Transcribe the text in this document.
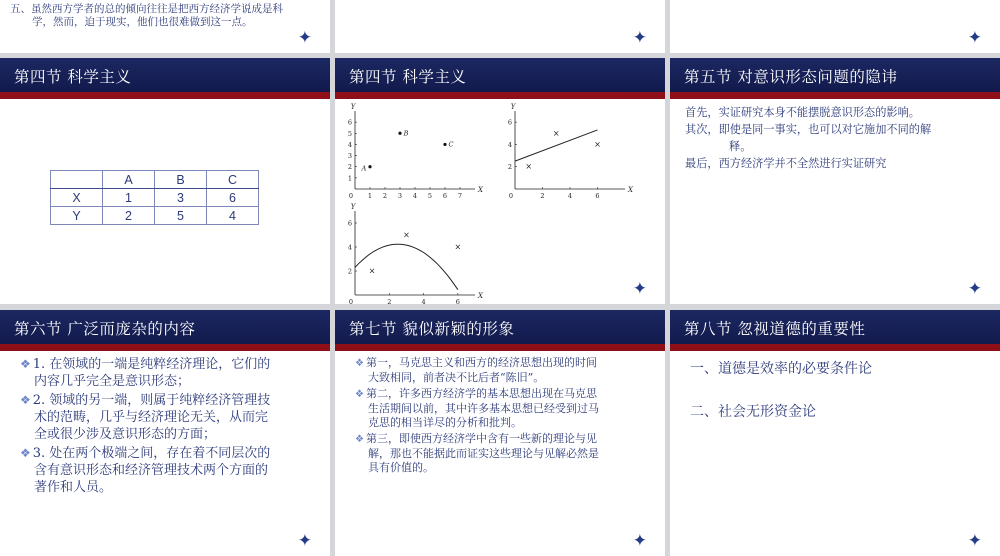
五、虽然西方学者的总的倾向往往是把西方经济学说成是科
学，然而，迫于现实，他们也很难做到这一点。
✦	✦	✦
第四节 科学主义
	A	B	C
X	1	3	6
Y	2	5	4
第四节 科学主义
1 2 3 4 5 6 7
1
2
3
4
5
6
0
X
Y
A
B
C
2	4	6
2
4
6
0
X
Y
×
×
×
2	4	6
2
4
6
0
X
Y
×
×
×
✦
第五节 对意识形态问题的隐讳
首先，实证研究本身不能摆脱意识形态的影响。
其次，即使是同一事实，也可以对它施加不同的解
释。
最后，西方经济学并不全然进行实证研究
✦
第六节 广泛而庞杂的内容
❖ 1. 在领域的一端是纯粹经济理论，它们的
内容几乎完全是意识形态；
❖ 2. 领域的另一端，则属于纯粹经济管理技
术的范畴，几乎与经济理论无关，从而完
全或很少涉及意识形态的方面；
❖ 3. 处在两个极端之间，存在着不同层次的
含有意识形态和经济管理技术两个方面的
著作和人员。
✦
第七节 貌似新颖的形象
❖ 第一，马克思主义和西方的经济思想出现的时间
大致相同，前者决不比后者“陈旧”。
❖ 第二，许多西方经济学的基本思想出现在马克思
生活期间以前，其中许多基本思想已经受到过马
克思的相当详尽的分析和批判。
❖ 第三，即使西方经济学中含有一些新的理论与见
解，那也不能据此而证实这些理论与见解必然是
具有价值的。
✦
第八节 忽视道德的重要性
一、道德是效率的必要条件论
二、社会无形资金论
✦
